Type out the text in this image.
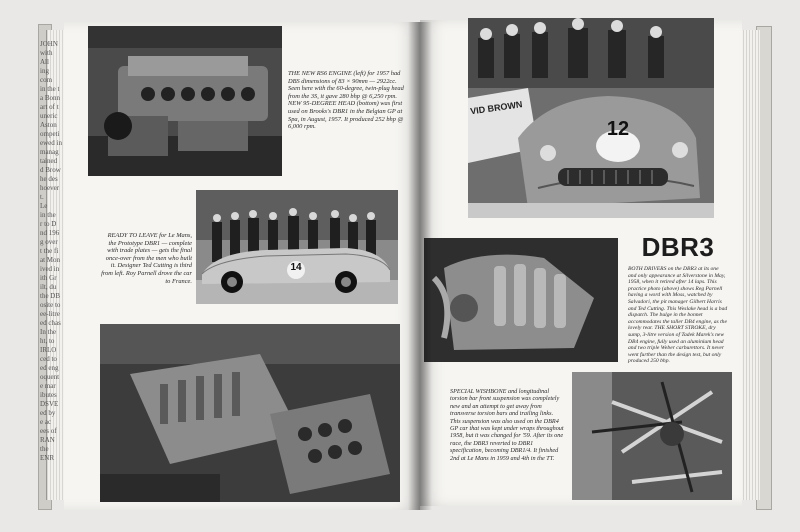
JOHN
with All
ing com
in the t
a Bonn
art of t
uneric
Aston
ompeti
ewed in
manag
tained
d Brow
he des
hoever
t.
Le
in the
r to D
nd 196
g over
t the fi
at Mon
ived in
ith Gr
ilt, du
the DB
osite to
ee-litre
ed chas
In the
ht, to
IRLO
ced to
ed eng
oquent
e mar
ibutes
DSVE
ed by
e ac
ees of
RAN
the
ENR
THE NEW RS6 ENGINE (left) for 1957 had DBS dimensions of 83 × 90mm — 2922cc. Seen here with the 60-degree, twin-plug head from the 3S, it gave 280 bhp @ 6,250 rpm. NEW 95-DEGREE HEAD (bottom) was first used on Brooks's DBR1 in the Belgian GP at Spa, in August, 1957. It produced 252 bhp @ 6,000 rpm.
READY TO LEAVE for Le Mans, the Prototype DBR1 — complete with trade plates — gets the final once-over from the men who built it. Designer Ted Cutting is third from left. Roy Parnell drove the car to France.
14
VID BROWN
12
DBR3
BOTH DRIVERS on the DBR3 at its one and only appearance at Silverstone in May, 1958, when it retired after 14 laps. This practice photo (above) shows Reg Parnell having a word with Moss, watched by Salvadori, the pit manager Gilbert Harris and Ted Cutting. This Weslake head is a bad dispatch. The bulge in the bonnet accommodates the taller DB4 engine, as the lovely rear. THE SHORT STROKE, dry sump, 3-litre version of Tadek Marek's new DB4 engine, fully used an aluminium head and two triple Weber carburettors. It never went further than the design test, but only produced 250 bhp.
SPECIAL WISHBONE and longitudinal torsion bar front suspension was completely new and an attempt to get away from transverse torsion bars and trailing links. This suspension was also used on the DBR4 GP car that was kept under wraps throughout 1958, but it was changed for '59. After its one race, the DBR3 reverted to DBR1 specification, becoming DBR1/4. It finished 2nd at Le Mans in 1959 and 4th in the TT.
